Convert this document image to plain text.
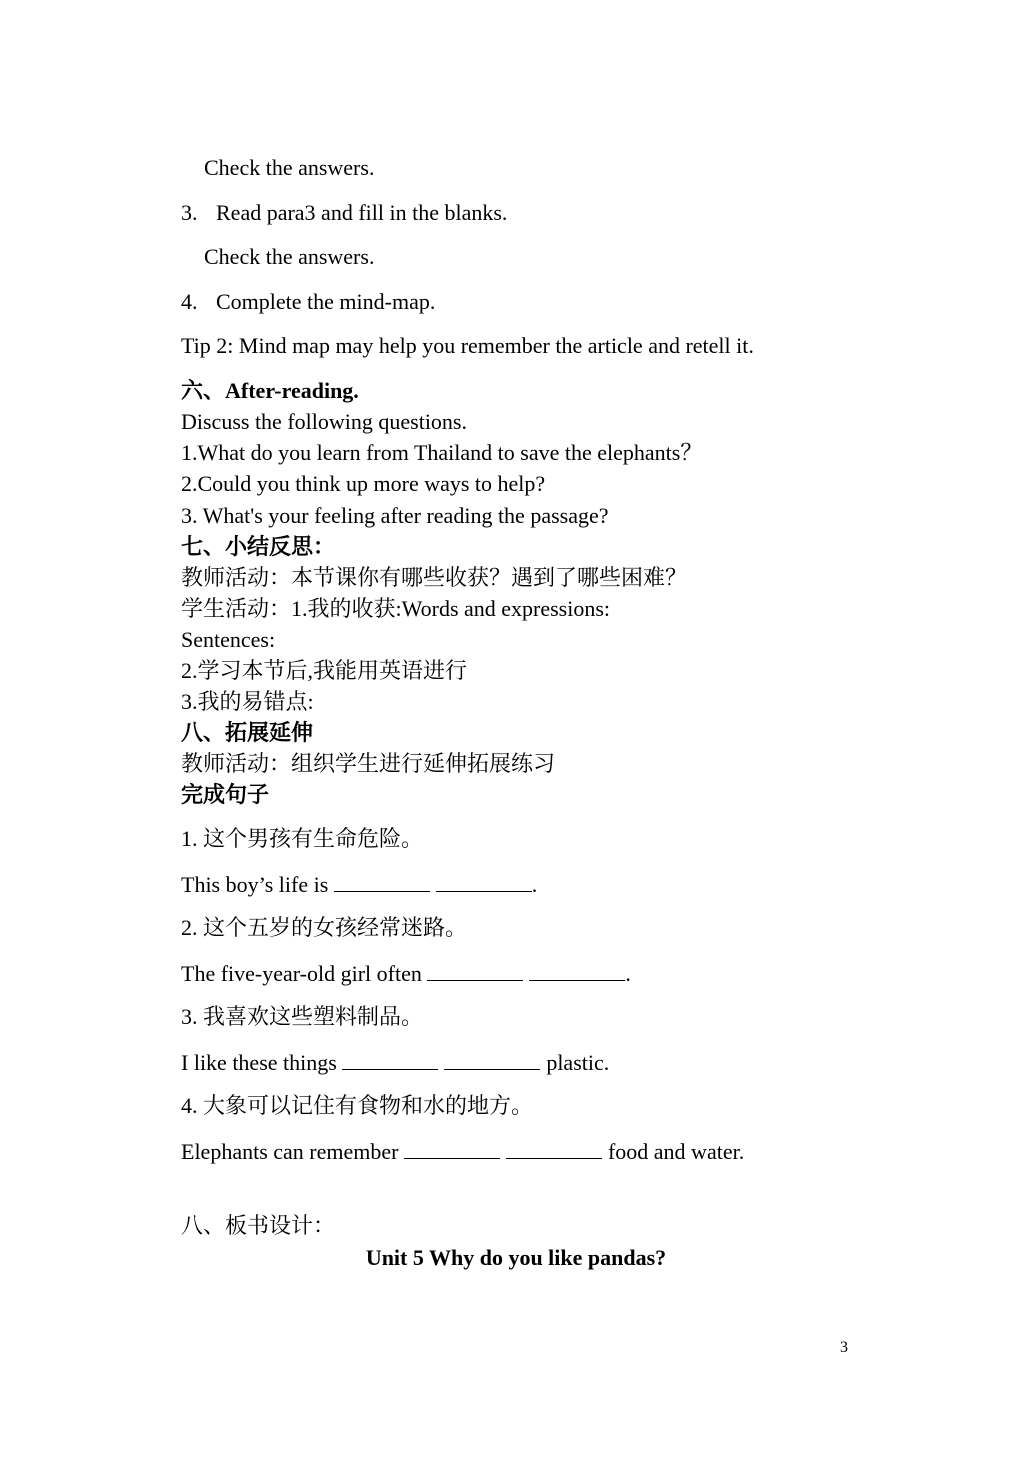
Check the answers.
3. Read para3 and fill in the blanks.
Check the answers.
4. Complete the mind-map.
Tip 2: Mind map may help you remember the article and retell it.
六、After-reading.
Discuss the following questions.
1.What do you learn from Thailand to save the elephants？
2.Could you think up more ways to help?
3. What's your feeling after reading the passage?
七、小结反思：
教师活动：本节课你有哪些收获？遇到了哪些困难？
学生活动：1.我的收获:Words and expressions:
Sentences:
2.学习本节后,我能用英语进行
3.我的易错点:
八、拓展延伸
教师活动：组织学生进行延伸拓展练习
完成句子
1. 这个男孩有生命危险。
This boy’s life is	.
2. 这个五岁的女孩经常迷路。
The five-year-old girl often	.
3. 我喜欢这些塑料制品。
I like these things	plastic.
4. 大象可以记住有食物和水的地方。
Elephants can remember	food and water.
八、板书设计：
Unit 5 Why do you like pandas?
3
